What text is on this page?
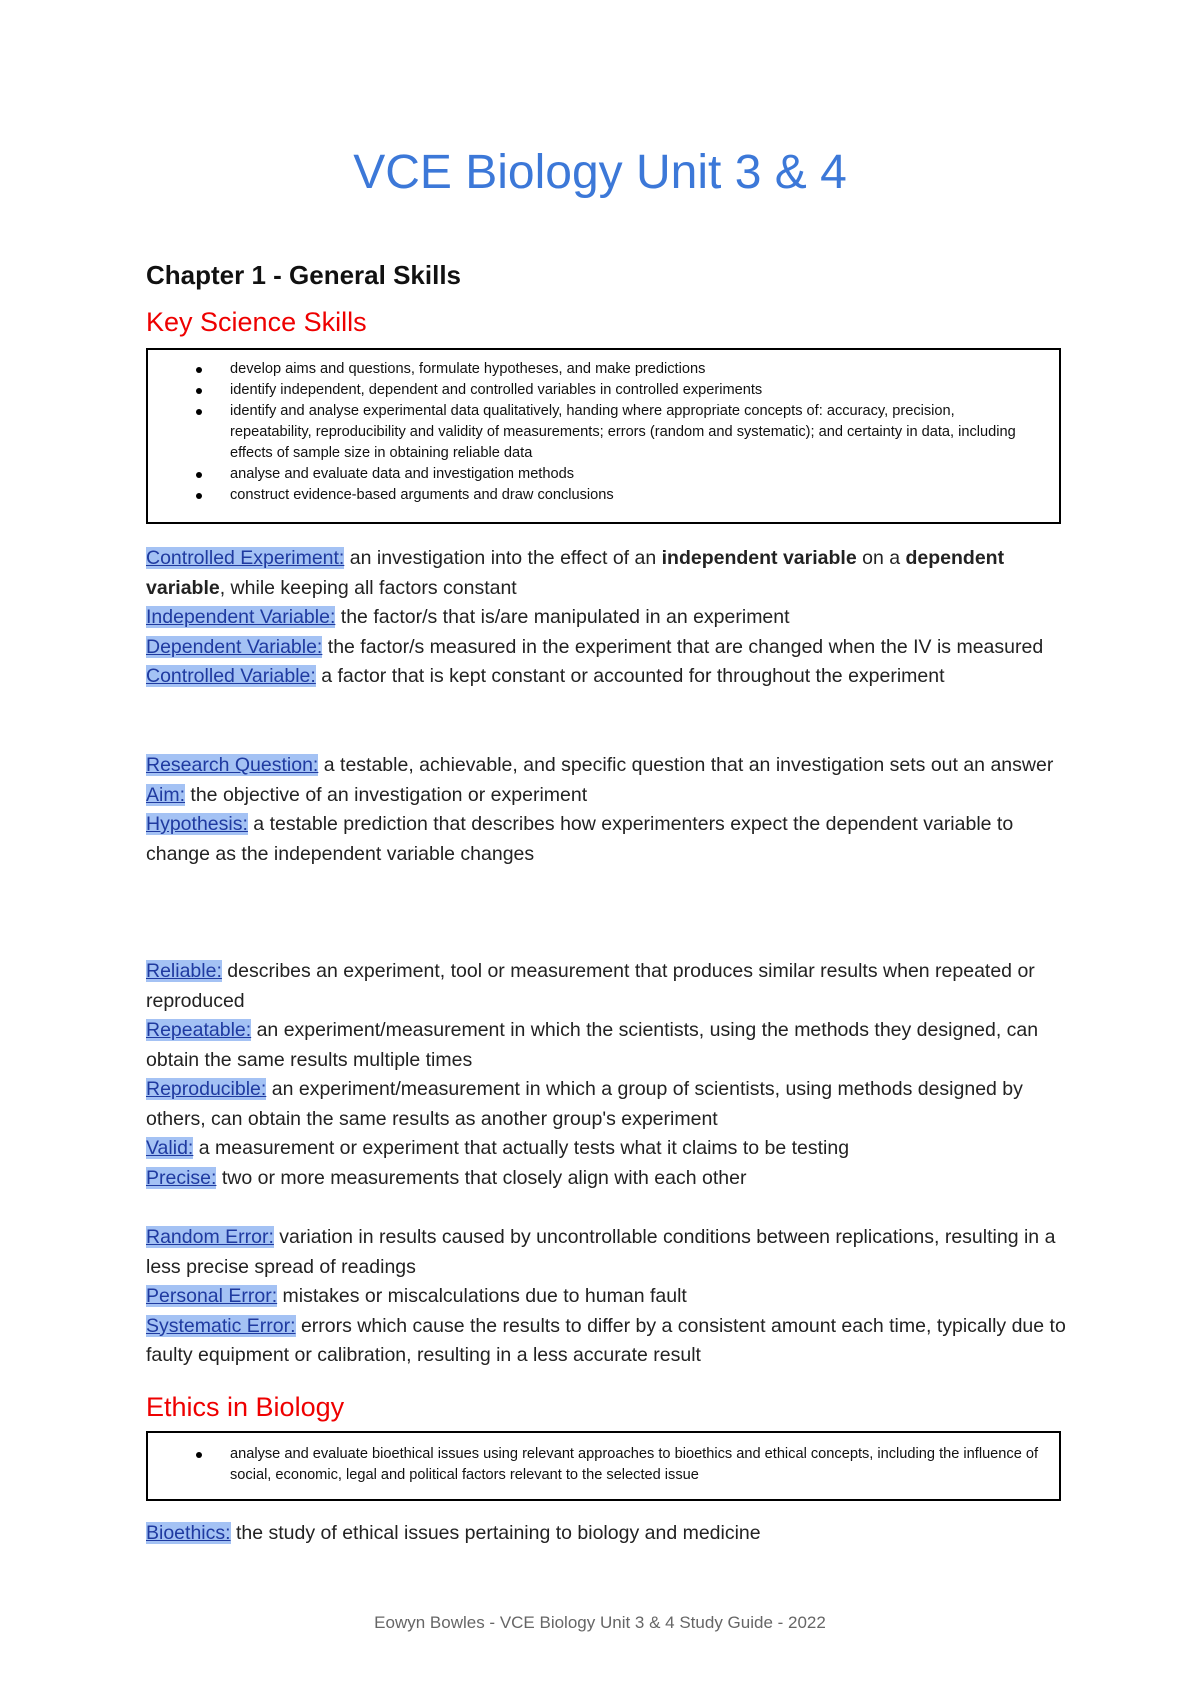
VCE Biology Unit 3 & 4
Chapter 1 - General Skills
Key Science Skills
develop aims and questions, formulate hypotheses, and make predictions
identify independent, dependent and controlled variables in controlled experiments
identify and analyse experimental data qualitatively, handing where appropriate concepts of: accuracy, precision, repeatability, reproducibility and validity of measurements; errors (random and systematic); and certainty in data, including effects of sample size in obtaining reliable data
analyse and evaluate data and investigation methods
construct evidence-based arguments and draw conclusions

Controlled Experiment: an investigation into the effect of an independent variable on a dependent variable, while keeping all factors constant

Independent Variable: the factor/s that is/are manipulated in an experiment

Dependent Variable: the factor/s measured in the experiment that are changed when the IV is measured

Controlled Variable: a factor that is kept constant or accounted for throughout the experiment

Research Question: a testable, achievable, and specific question that an investigation sets out an answer

Aim: the objective of an investigation or experiment

Hypothesis: a testable prediction that describes how experimenters expect the dependent variable to change as the independent variable changes

Reliable: describes an experiment, tool or measurement that produces similar results when repeated or reproduced

Repeatable: an experiment/measurement in which the scientists, using the methods they designed, can obtain the same results multiple times

Reproducible: an experiment/measurement in which a group of scientists, using methods designed by others, can obtain the same results as another group's experiment

Valid: a measurement or experiment that actually tests what it claims to be testing

Precise: two or more measurements that closely align with each other

Random Error: variation in results caused by uncontrollable conditions between replications, resulting in a less precise spread of readings

Personal Error: mistakes or miscalculations due to human fault

Systematic Error: errors which cause the results to differ by a consistent amount each time, typically due to faulty equipment or calibration, resulting in a less accurate result

Ethics in Biology
analyse and evaluate bioethical issues using relevant approaches to bioethics and ethical concepts, including the influence of social, economic, legal and political factors relevant to the selected issue

Bioethics: the study of ethical issues pertaining to biology and medicine

Eowyn Bowles - VCE Biology Unit 3 & 4 Study Guide - 2022
